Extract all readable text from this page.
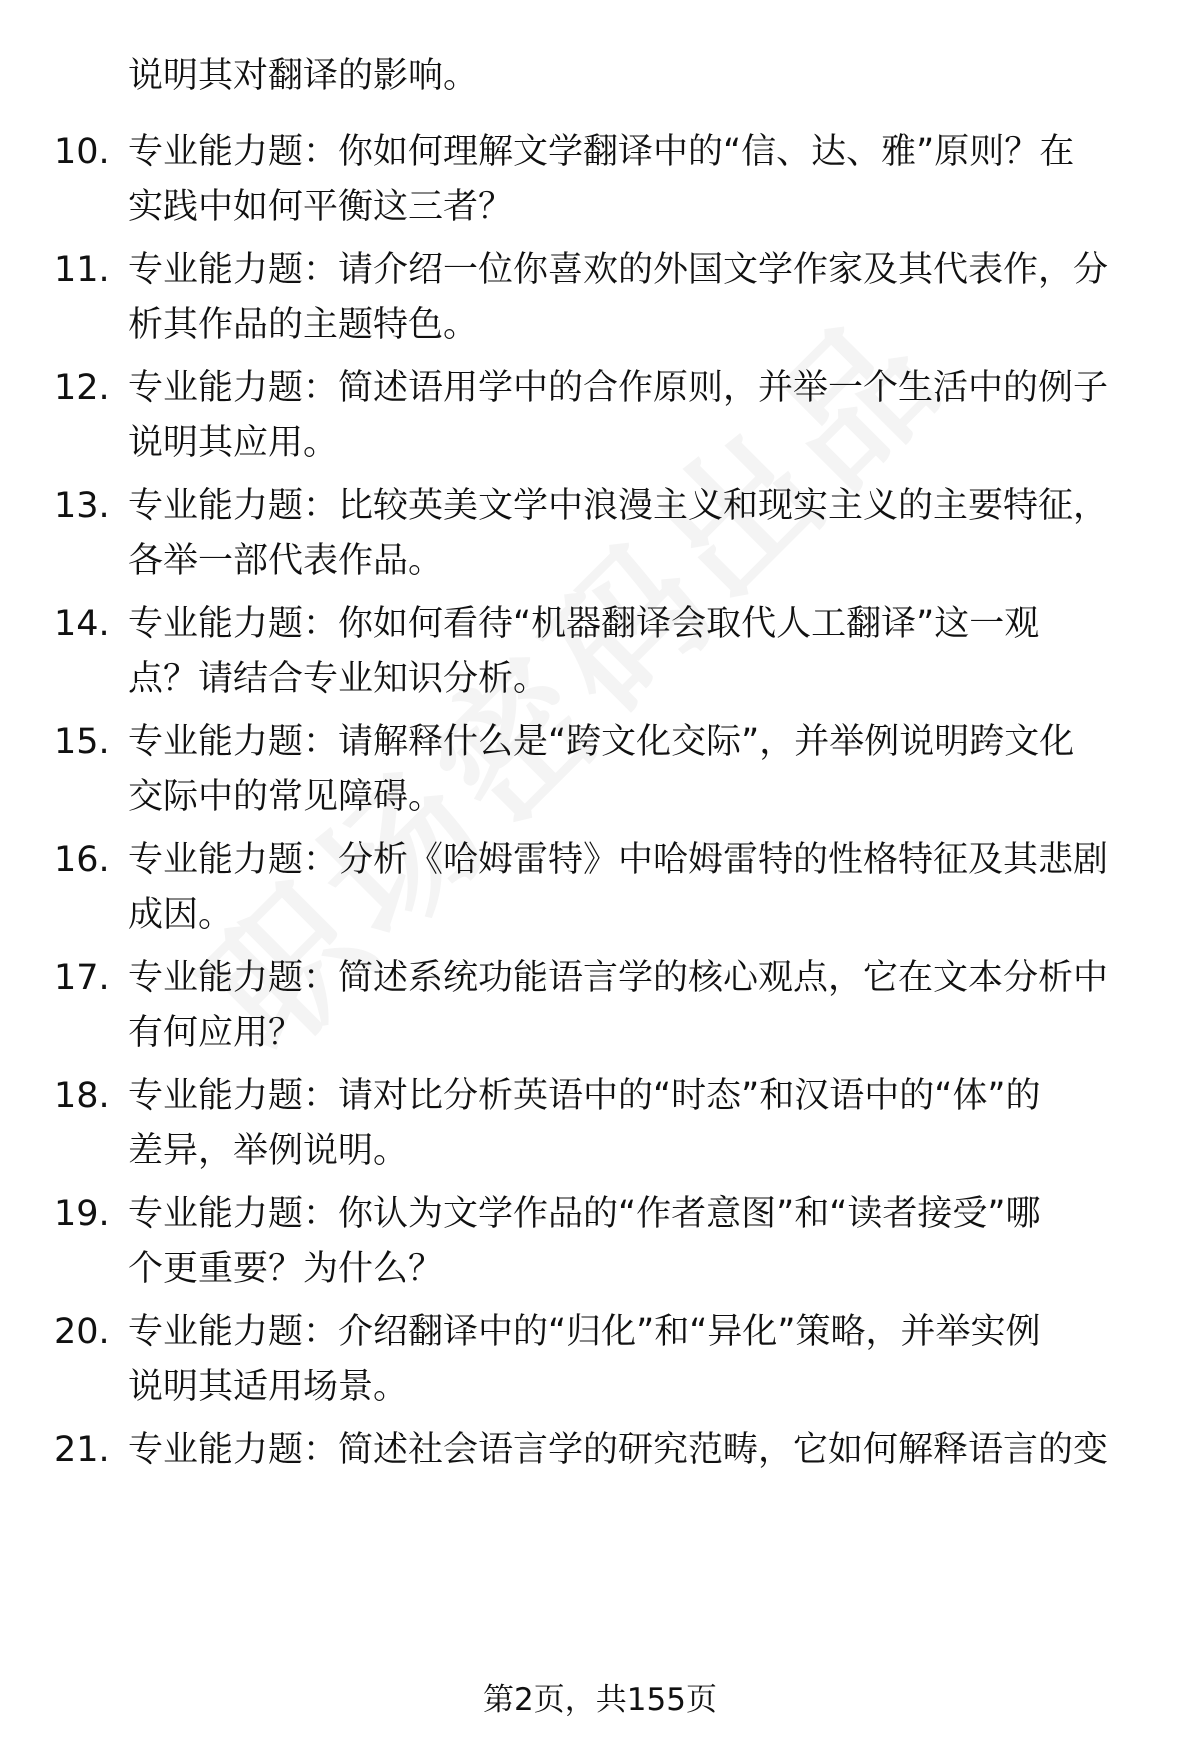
说明其对翻译的影响。
10. 专业能力题：你如何理解文学翻译中的“信、达、雅”原则？在
实践中如何平衡这三者？
11. 专业能力题：请介绍一位你喜欢的外国文学作家及其代表作，分
析其作品的主题特色。
12. 专业能力题：简述语用学中的合作原则，并举一个生活中的例子
说明其应用。
13. 专业能力题：比较英美文学中浪漫主义和现实主义的主要特征，
各举一部代表作品。
14. 专业能力题：你如何看待“机器翻译会取代人工翻译”这一观
点？请结合专业知识分析。
15. 专业能力题：请解释什么是“跨文化交际”，并举例说明跨文化
交际中的常见障碍。
16. 专业能力题：分析《哈姆雷特》中哈姆雷特的性格特征及其悲剧
成因。
17. 专业能力题：简述系统功能语言学的核心观点，它在文本分析中
有何应用？
18. 专业能力题：请对比分析英语中的“时态”和汉语中的“体”的
差异，举例说明。
19. 专业能力题：你认为文学作品的“作者意图”和“读者接受”哪
个更重要？为什么？
20. 专业能力题：介绍翻译中的“归化”和“异化”策略，并举实例
说明其适用场景。
21. 专业能力题：简述社会语言学的研究范畴，它如何解释语言的变
第2页，共155页
